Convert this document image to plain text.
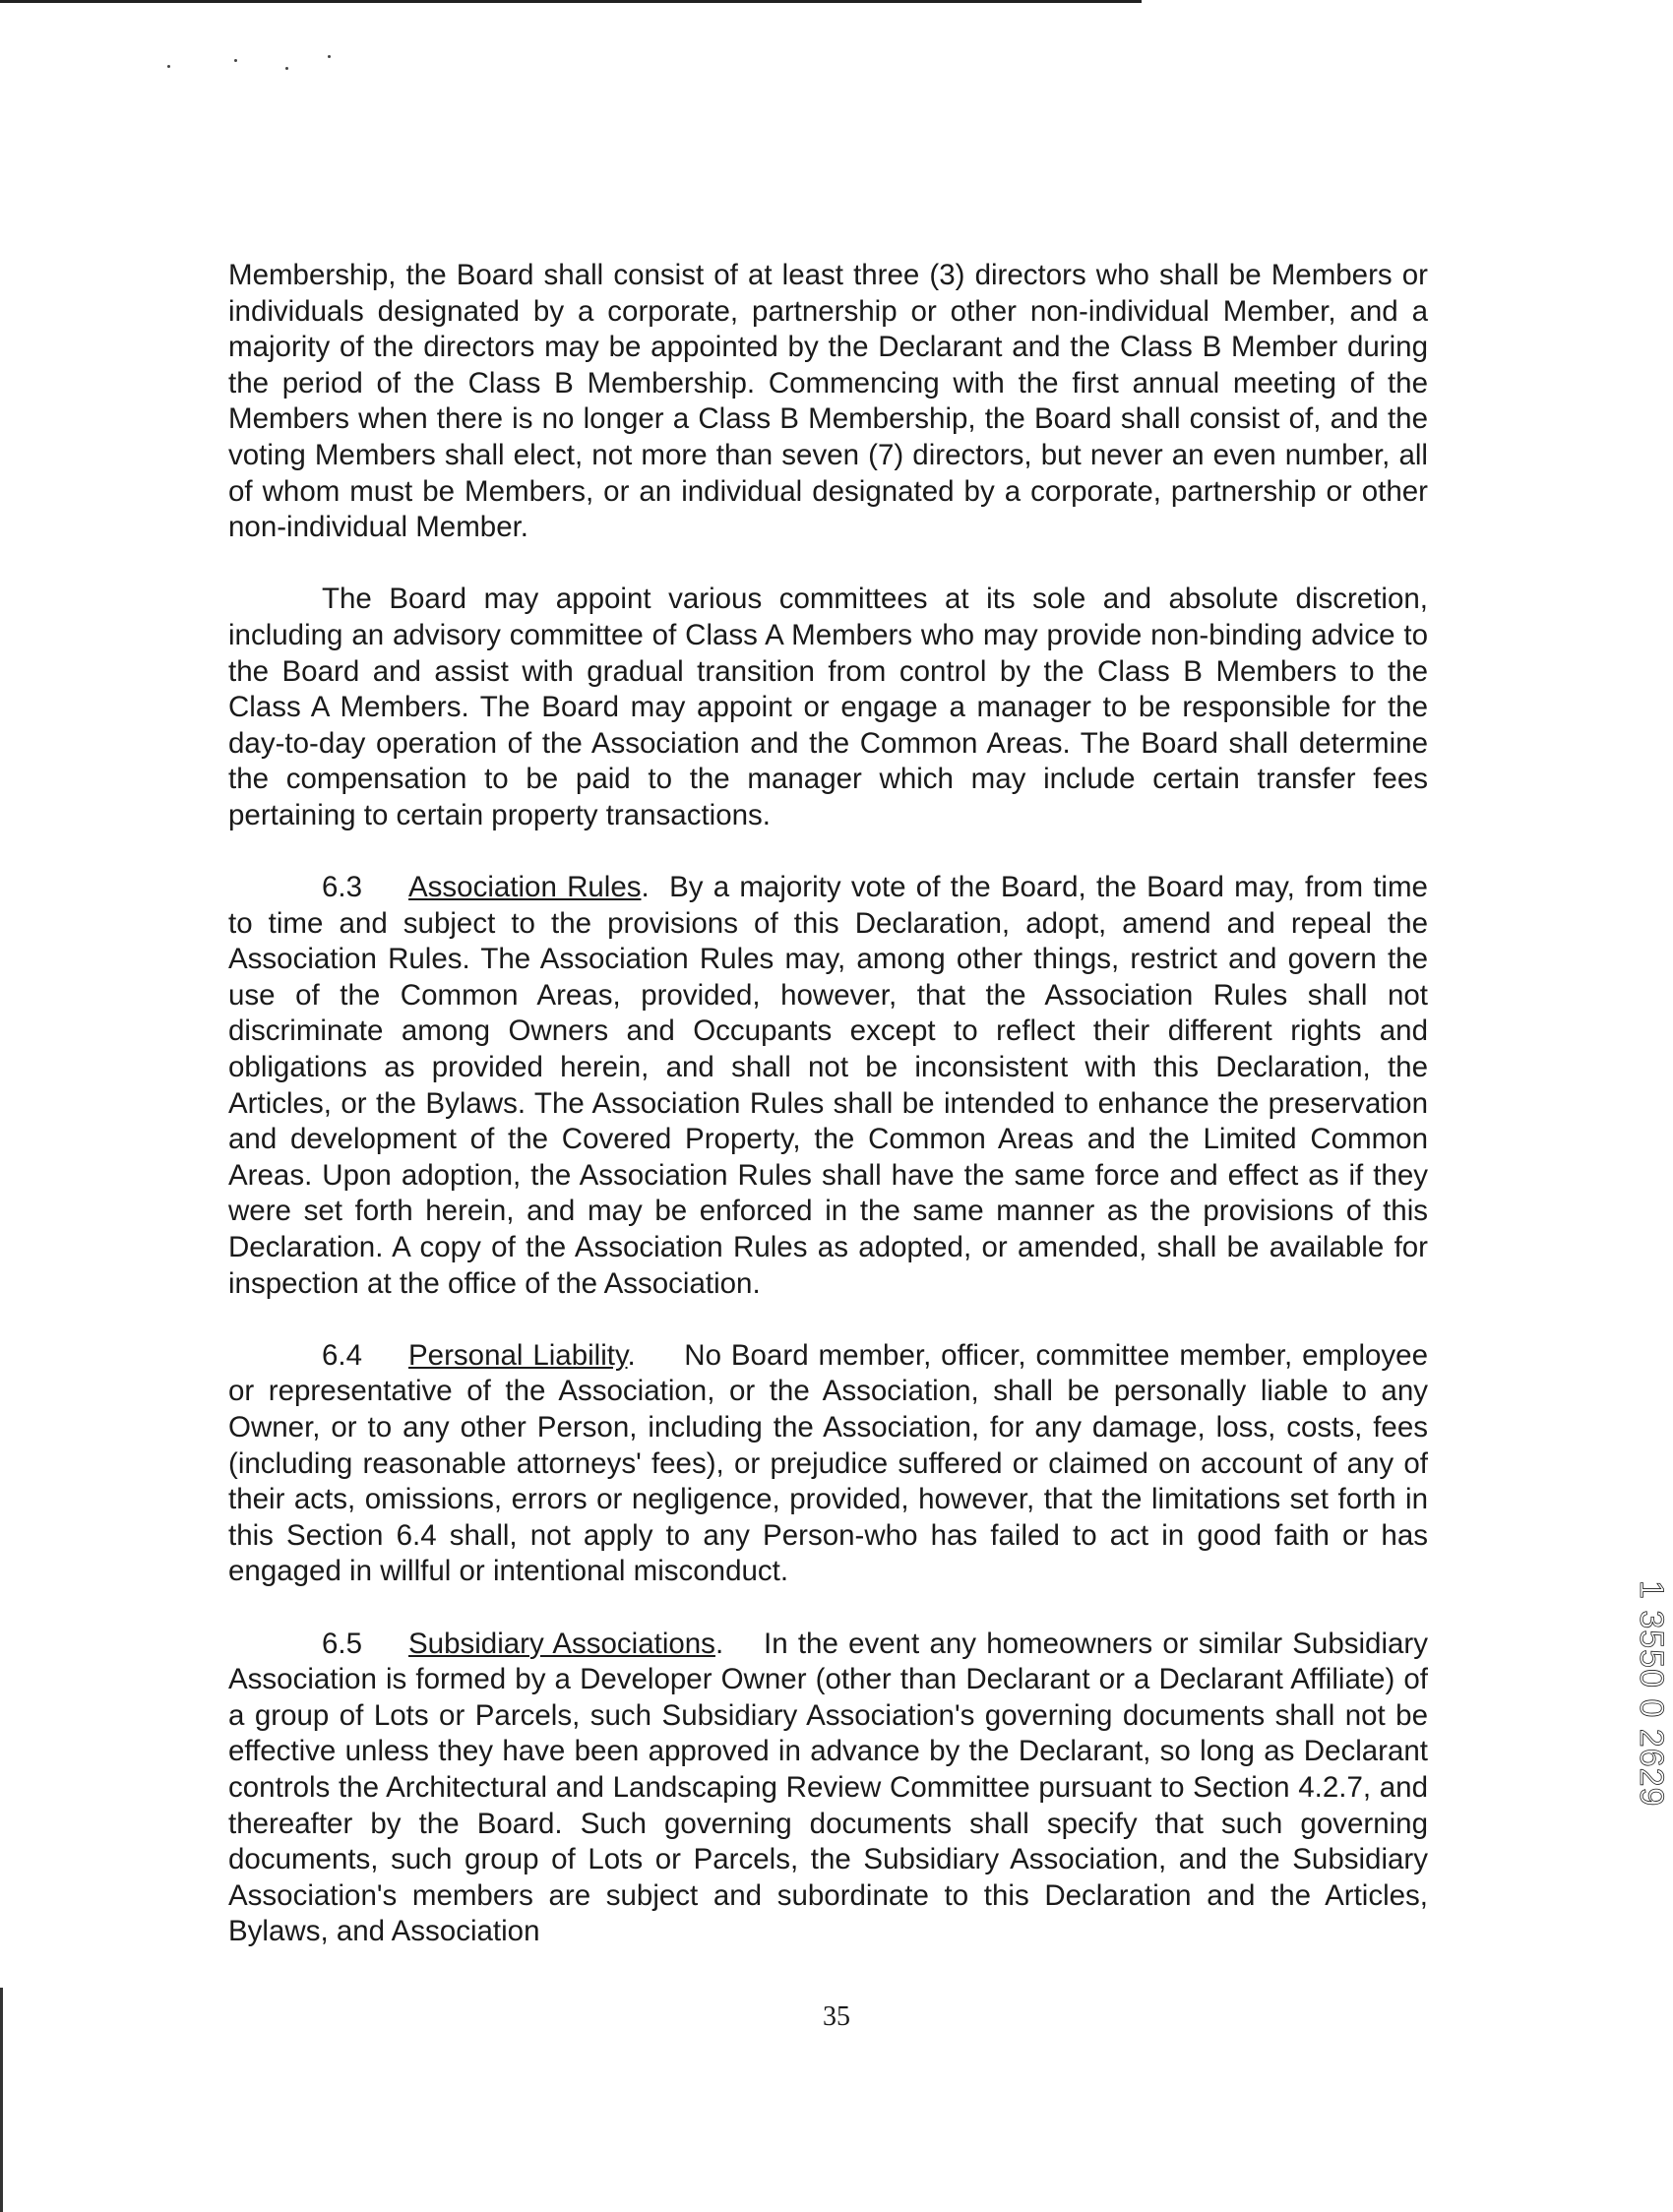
Membership, the Board shall consist of at least three (3) directors who shall be Members or individuals designated by a corporate, partnership or other non-individual Member, and a majority of the directors may be appointed by the Declarant and the Class B Member during the period of the Class B Membership. Commencing with the first annual meeting of the Members when there is no longer a Class B Membership, the Board shall consist of, and the voting Members shall elect, not more than seven (7) directors, but never an even number, all of whom must be Members, or an individual designated by a corporate, partnership or other non-individual Member.

The Board may appoint various committees at its sole and absolute discretion, including an advisory committee of Class A Members who may provide non-binding advice to the Board and assist with gradual transition from control by the Class B Members to the Class A Members. The Board may appoint or engage a manager to be responsible for the day-to-day operation of the Association and the Common Areas. The Board shall determine the compensation to be paid to the manager which may include certain transfer fees pertaining to certain property transactions.

6.3 Association Rules. By a majority vote of the Board, the Board may, from time to time and subject to the provisions of this Declaration, adopt, amend and repeal the Association Rules. The Association Rules may, among other things, restrict and govern the use of the Common Areas, provided, however, that the Association Rules shall not discriminate among Owners and Occupants except to reflect their different rights and obligations as provided herein, and shall not be inconsistent with this Declaration, the Articles, or the Bylaws. The Association Rules shall be intended to enhance the preservation and development of the Covered Property, the Common Areas and the Limited Common Areas. Upon adoption, the Association Rules shall have the same force and effect as if they were set forth herein, and may be enforced in the same manner as the provisions of this Declaration. A copy of the Association Rules as adopted, or amended, shall be available for inspection at the office of the Association.

6.4 Personal Liability. No Board member, officer, committee member, employee or representative of the Association, or the Association, shall be personally liable to any Owner, or to any other Person, including the Association, for any damage, loss, costs, fees (including reasonable attorneys' fees), or prejudice suffered or claimed on account of any of their acts, omissions, errors or negligence, provided, however, that the limitations set forth in this Section 6.4 shall, not apply to any Person-who has failed to act in good faith or has engaged in willful or intentional misconduct.

6.5 Subsidiary Associations. In the event any homeowners or similar Subsidiary Association is formed by a Developer Owner (other than Declarant or a Declarant Affiliate) of a group of Lots or Parcels, such Subsidiary Association's governing documents shall not be effective unless they have been approved in advance by the Declarant, so long as Declarant controls the Architectural and Landscaping Review Committee pursuant to Section 4.2.7, and thereafter by the Board. Such governing documents shall specify that such governing documents, such group of Lots or Parcels, the Subsidiary Association, and the Subsidiary Association's members are subject and subordinate to this Declaration and the Articles, Bylaws, and Association

1 3550 0 2629
35
